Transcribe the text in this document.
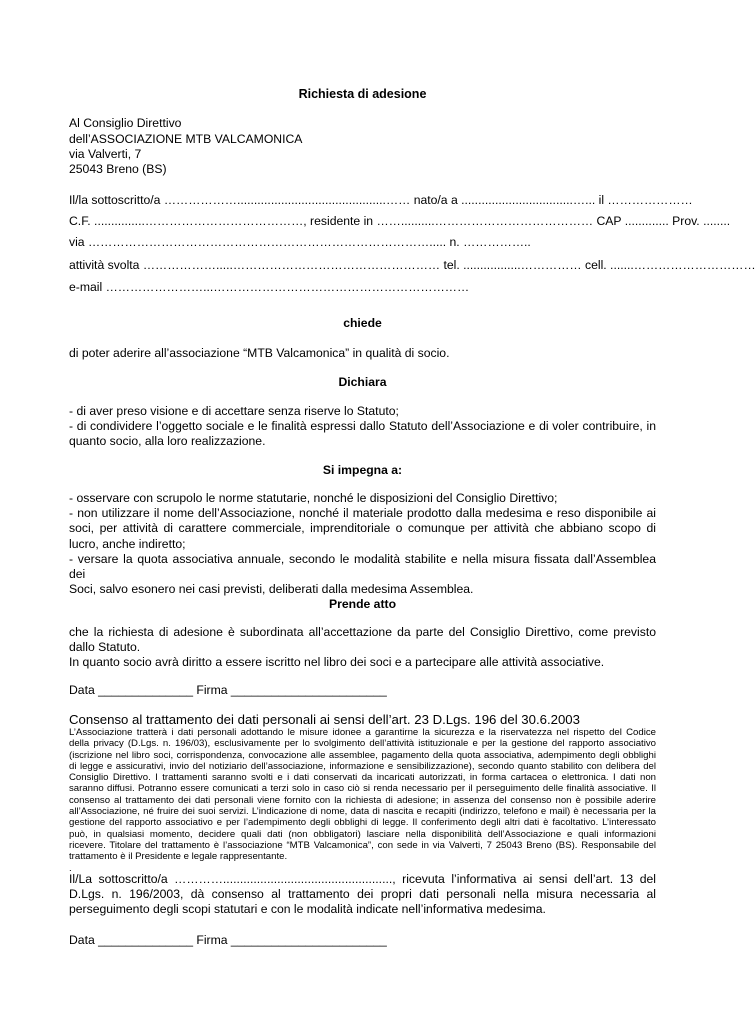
Richiesta di adesione
Al Consiglio Direttivo
dell’ASSOCIAZIONE MTB VALCAMONICA
via Valverti, 7
25043 Breno (BS)
Il/la sottoscritto/a ………………............................................…… nato/a a .................................…... il …………………
C.F. ...............…………………………………, residente in ……..........………………………………… CAP ............. Prov. ........
via …………………………………………………………………………..... n. ……………..
attività svolta ……………….....…………………………………………… tel. .................…………… cell. .......…………………………
e-mail ……………………...………………………………………………………
chiede
di poter aderire all’associazione “MTB Valcamonica” in qualità di socio.
Dichiara
- di aver preso visione e di accettare senza riserve lo Statuto;
- di condividere l’oggetto sociale e le finalità espressi dallo Statuto dell’Associazione e di voler contribuire, in
quanto socio, alla loro realizzazione.
Si impegna a:
- osservare con scrupolo le norme statutarie, nonché le disposizioni del Consiglio Direttivo;
- non utilizzare il nome dell’Associazione, nonché il materiale prodotto dalla medesima e reso disponibile ai
soci, per attività di carattere commerciale, imprenditoriale o comunque per attività che abbiano scopo di
lucro, anche indiretto;
- versare la quota associativa annuale, secondo le modalità stabilite e nella misura fissata dall’Assemblea dei
Soci, salvo esonero nei casi previsti, deliberati dalla medesima Assemblea.
Prende atto
che la richiesta di adesione è subordinata all’accettazione da parte del Consiglio Direttivo, come previsto
dallo Statuto.
In quanto socio avrà diritto a essere iscritto nel libro dei soci e a partecipare alle attività associative.
Data ______________ Firma _______________________
Consenso al trattamento dei dati personali ai sensi dell’art. 23 D.Lgs. 196 del 30.6.2003
L’Associazione tratterà i dati personali adottando le misure idonee a garantirne la sicurezza e la riservatezza nel rispetto del Codice
della privacy (D.Lgs. n. 196/03), esclusivamente per lo svolgimento dell’attività istituzionale e per la gestione del rapporto associativo
(iscrizione nel libro soci, corrispondenza, convocazione alle assemblee, pagamento della quota associativa, adempimento degli obblighi
di legge e assicurativi, invio del notiziario dell’associazione, informazione e sensibilizzazione), secondo quanto stabilito con delibera del
Consiglio Direttivo. I trattamenti saranno svolti e i dati conservati da incaricati autorizzati, in forma cartacea o elettronica. I dati non
saranno diffusi. Potranno essere comunicati a terzi solo in caso ciò si renda necessario per il perseguimento delle finalità associative. Il
consenso al trattamento dei dati personali viene fornito con la richiesta di adesione; in assenza del consenso non è possibile aderire
all’Associazione, né fruire dei suoi servizi. L’indicazione di nome, data di nascita e recapiti (indirizzo, telefono e mail) è necessaria per la
gestione del rapporto associativo e per l’adempimento degli obblighi di legge. Il conferimento degli altri dati è facoltativo. L’interessato
può, in qualsiasi momento, decidere quali dati (non obbligatori) lasciare nella disponibilità dell’Associazione e quali informazioni
ricevere. Titolare del trattamento è l’associazione “MTB Valcamonica”, con sede in via Valverti, 7 25043 Breno (BS). Responsabile del
trattamento è il Presidente e legale rappresentante.
.
Il/La sottoscritto/a ………….................................................., ricevuta l’informativa ai sensi dell’art. 13 del
D.Lgs. n. 196/2003, dà consenso al trattamento dei propri dati personali nella misura necessaria al
perseguimento degli scopi statutari e con le modalità indicate nell’informativa medesima.
Data ______________ Firma _______________________
